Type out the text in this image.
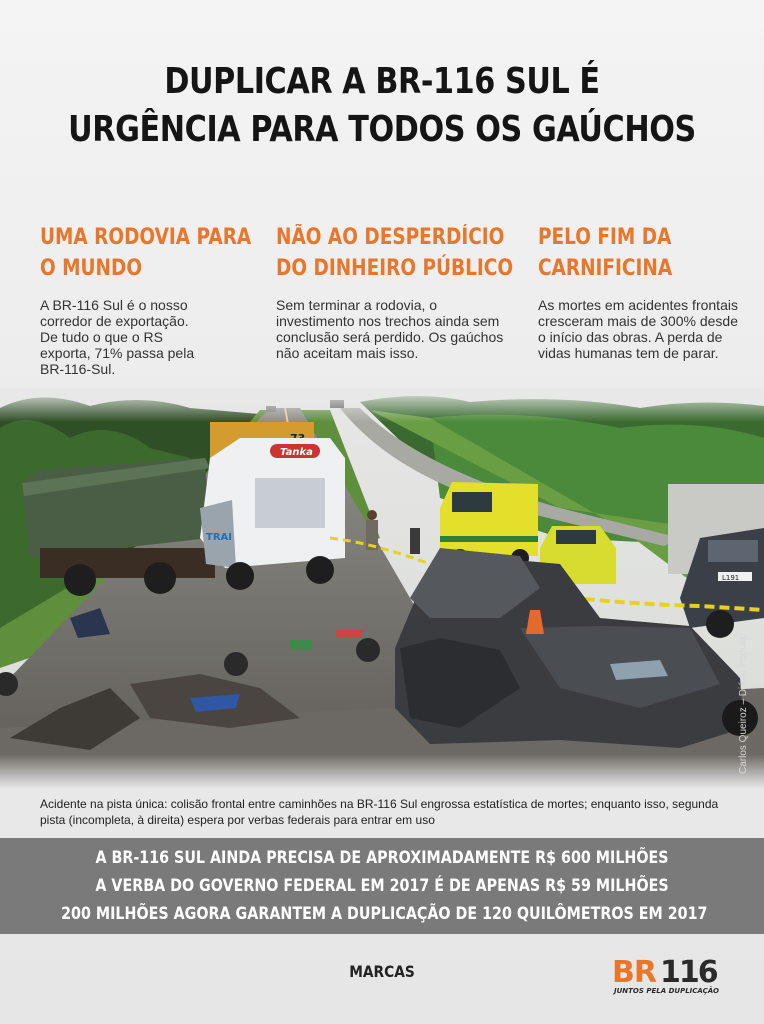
DUPLICAR A BR-116 SUL É
URGÊNCIA PARA TODOS OS GAÚCHOS
UMA RODOVIA PARA
O MUNDO

A BR-116 Sul é o nosso corredor de exportação. De tudo o que o RS exporta, 71% passa pela BR-116-Sul.

NÃO AO DESPERDÍCIO
DO DINHEIRO PÚBLICO

Sem terminar a rodovia, o investimento nos trechos ainda sem conclusão será perdido. Os gaúchos não aceitam mais isso.

PELO FIM DA
CARNIFICINA

As mortes em acidentes frontais cresceram mais de 300% desde o início das obras. A perda de vidas humanas tem de parar.

Tanka
TRAI
L191
Carlos Queiroz – Diário Popular
Acidente na pista única: colisão frontal entre caminhões na BR-116 Sul engrossa estatística de mortes; enquanto isso, segunda pista (incompleta, à direita) espera por verbas federais para entrar em uso
A BR-116 SUL AINDA PRECISA DE APROXIMADAMENTE R$ 600 MILHÕES
A VERBA DO GOVERNO FEDERAL EM 2017 É DE APENAS R$ 59 MILHÕES
200 MILHÕES AGORA GARANTEM A DUPLICAÇÃO DE 120 QUILÔMETROS EM 2017
MARCAS	BR 116
JUNTOS PELA DUPLICAÇÃO
